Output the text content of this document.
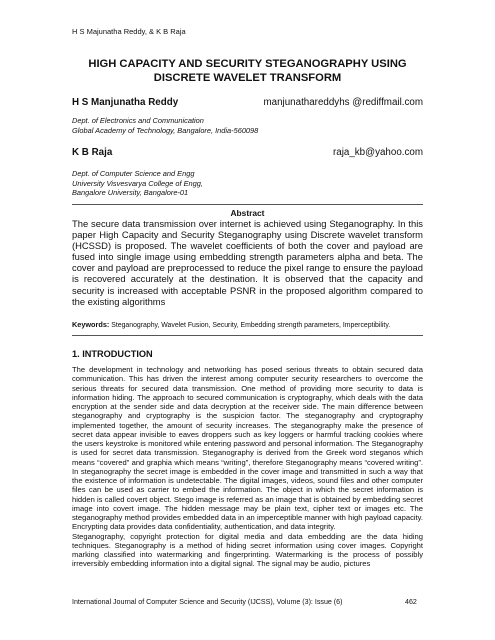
H S Majunatha Reddy, & K B Raja
HIGH CAPACITY AND SECURITY STEGANOGRAPHY USING
DISCRETE WAVELET TRANSFORM
H S Manjunatha Reddy	manjunathareddyhs @rediffmail.com
Dept. of Electronics and Communication
Global Academy of Technology, Bangalore, India-560098
K B Raja	raja_kb@yahoo.com
Dept. of Computer Science and Engg
University Visvesvarya College of Engg,
Bangalore University, Bangalore-01
Abstract
The secure data transmission over internet is achieved using Steganography. In this paper High Capacity and Security Steganography using Discrete wavelet transform (HCSSD) is proposed. The wavelet coefficients of both the cover and payload are fused into single image using embedding strength parameters alpha and beta. The cover and payload are preprocessed to reduce the pixel range to ensure the payload is recovered accurately at the destination. It is observed that the capacity and security is increased with acceptable PSNR in the proposed algorithm compared to the existing algorithms
Keywords: Steganography, Wavelet Fusion, Security, Embedding strength parameters, Imperceptibility.
1. INTRODUCTION
The development in technology and networking has posed serious threats to obtain secured data communication. This has driven the interest among computer security researchers to overcome the serious threats for secured data transmission. One method of providing more security to data is information hiding. The approach to secured communication is cryptography, which deals with the data encryption at the sender side and data decryption at the receiver side. The main difference between steganography and cryptography is the suspicion factor. The steganography and cryptography implemented together, the amount of security increases. The steganography make the presence of secret data appear invisible to eaves droppers such as key loggers or harmful tracking cookies where the users keystroke is monitored while entering password and personal information. The Steganography is used for secret data transmission. Steganography is derived from the Greek word steganos which means “covered” and graphia which means “writing”, therefore Steganography means “covered writing”. In steganography the secret image is embedded in the cover image and transmitted in such a way that the existence of information is undetectable. The digital images, videos, sound files and other computer files can be used as carrier to embed the information. The object in which the secret information is hidden is called covert object. Stego image is referred as an image that is obtained by embedding secret image into covert image. The hidden message may be plain text, cipher text or images etc. The steganography method provides embedded data in an imperceptible manner with high payload capacity. Encrypting data provides data confidentiality, authentication, and data integrity.
Steganography, copyright protection for digital media and data embedding are the data hiding techniques. Steganography is a method of hiding secret information using cover images. Copyright marking classified into watermarking and fingerprinting. Watermarking is the process of possibly irreversibly embedding information into a digital signal. The signal may be audio, pictures
International Journal of Computer Science and Security (IJCSS), Volume (3): Issue (6)	462
